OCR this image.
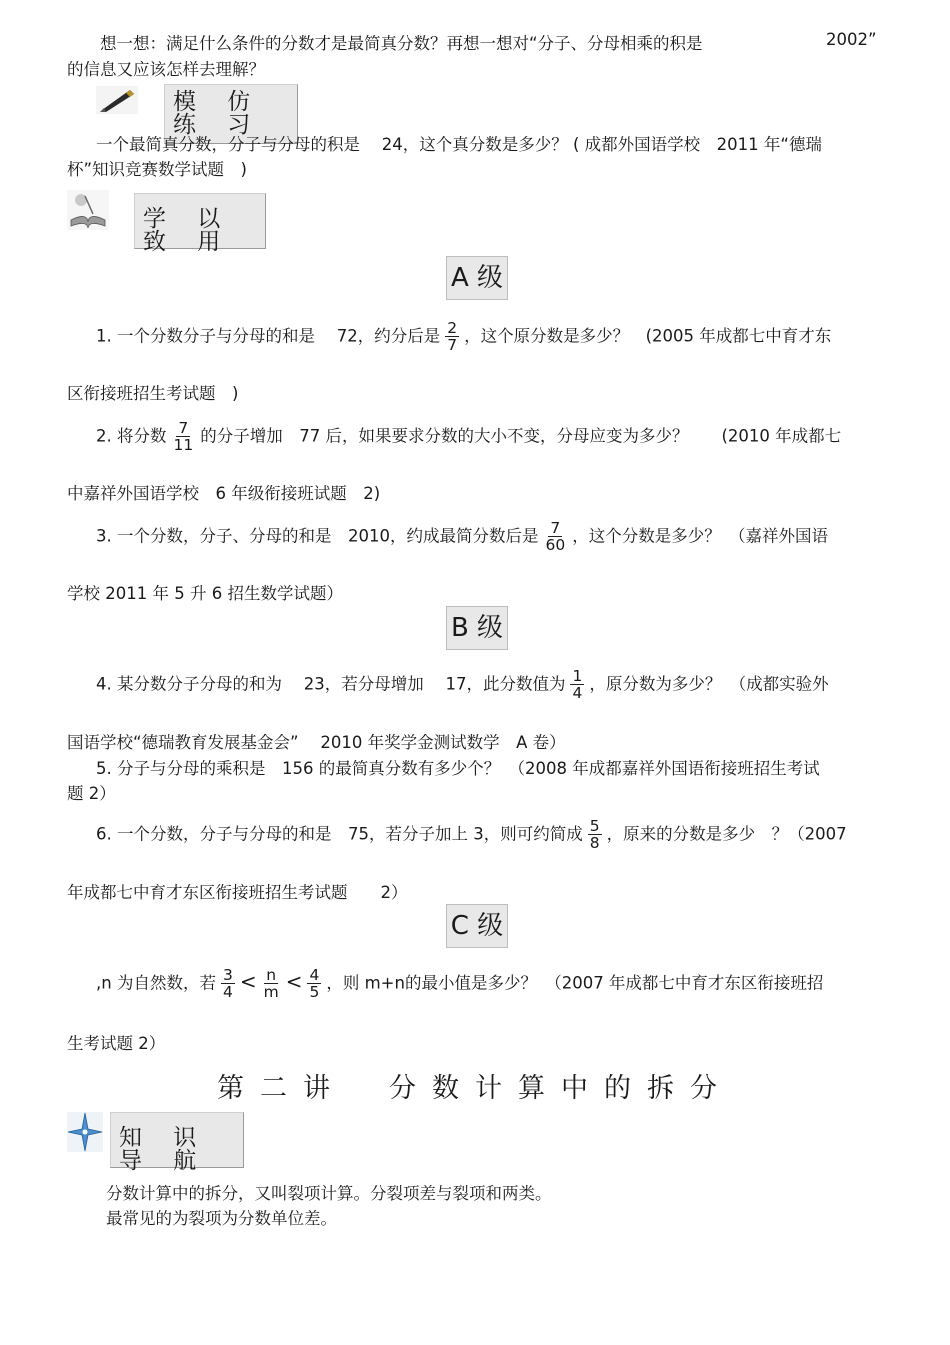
想一想：满足什么条件的分数才是最简真分数？再想一想对“分子、分母相乘的积是	2002”
的信息又应该怎样去理解？
模 仿 练 习
一个最简真分数，分子与分母的积是　 24，这个真分数是多少？ ( 成都外国语学校　2011 年“德瑞
杯”知识竞赛数学试题　)
学 以 致 用
A 级
1. 一个分数分子与分母的和是　 72，约分后是 $\frac{2}{7}$ ，这个原分数是多少？　(2005 年成都七中育才东
区衔接班招生考试题　)
2. 将分数 $\frac{7}{11}$ 的分子增加　77 后，如果要求分数的大小不变，分母应变为多少？　　(2010 年成都七
中嘉祥外国语学校　6 年级衔接班试题　2)
3. 一个分数，分子、分母的和是　2010，约成最简分数后是 $\frac{7}{60}$ ，这个分数是多少？　（嘉祥外国语
学校 2011 年 5 升 6 招生数学试题）
B 级
4. 某分数分子分母的和为　 23，若分母增加　 17，此分数值为 $\frac{1}{4}$ ，原分数为多少？　（成都实验外
国语学校“德瑞教育发展基金会”　 2010 年奖学金测试数学　A 卷）
5. 分子与分母的乘积是　156 的最简真分数有多少个？　（2008 年成都嘉祥外国语衔接班招生考试
题 2）
6. 一个分数，分子与分母的和是　75，若分子加上 3，则可约简成 $\frac{5}{8}$ ，原来的分数是多少　？（2007
年成都七中育才东区衔接班招生考试题　　2）
C 级
,n 为自然数，若 $\frac{3}{4} < \frac{n}{m} < \frac{4}{5}$ ，则 m+n的最小值是多少？　（2007 年成都七中育才东区衔接班招
生考试题 2）
第二讲　分数计算中的拆分
知 识 导 航
分数计算中的拆分，又叫裂项计算。分裂项差与裂项和两类。
最常见的为裂项为分数单位差。
